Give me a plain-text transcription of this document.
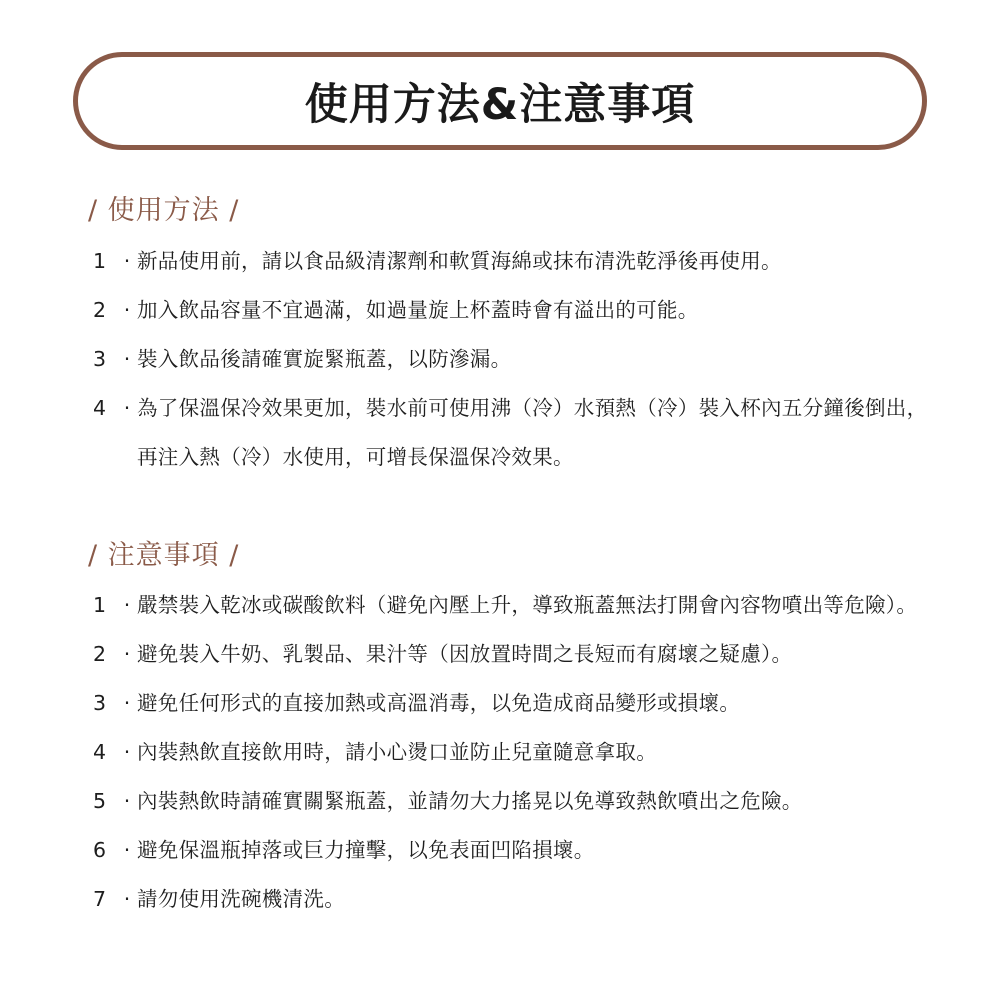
使用方法&注意事項
/ 使用方法 /
1 · 新品使用前，請以食品級清潔劑和軟質海綿或抹布清洗乾淨後再使用。
2 · 加入飲品容量不宜過滿，如過量旋上杯蓋時會有溢出的可能。
3 · 裝入飲品後請確實旋緊瓶蓋，以防滲漏。
4 · 為了保溫保冷效果更加，裝水前可使用沸（冷）水預熱（冷）裝入杯內五分鐘後倒出，再注入熱（冷）水使用，可增長保溫保冷效果。
/ 注意事項 /
1 · 嚴禁裝入乾冰或碳酸飲料（避免內壓上升，導致瓶蓋無法打開會內容物噴出等危險）。
2 · 避免裝入牛奶、乳製品、果汁等（因放置時間之長短而有腐壞之疑慮）。
3 · 避免任何形式的直接加熱或高溫消毒，以免造成商品變形或損壞。
4 · 內裝熱飲直接飲用時，請小心燙口並防止兒童隨意拿取。
5 · 內裝熱飲時請確實關緊瓶蓋，並請勿大力搖晃以免導致熱飲噴出之危險。
6 · 避免保溫瓶掉落或巨力撞擊，以免表面凹陷損壞。
7 · 請勿使用洗碗機清洗。
